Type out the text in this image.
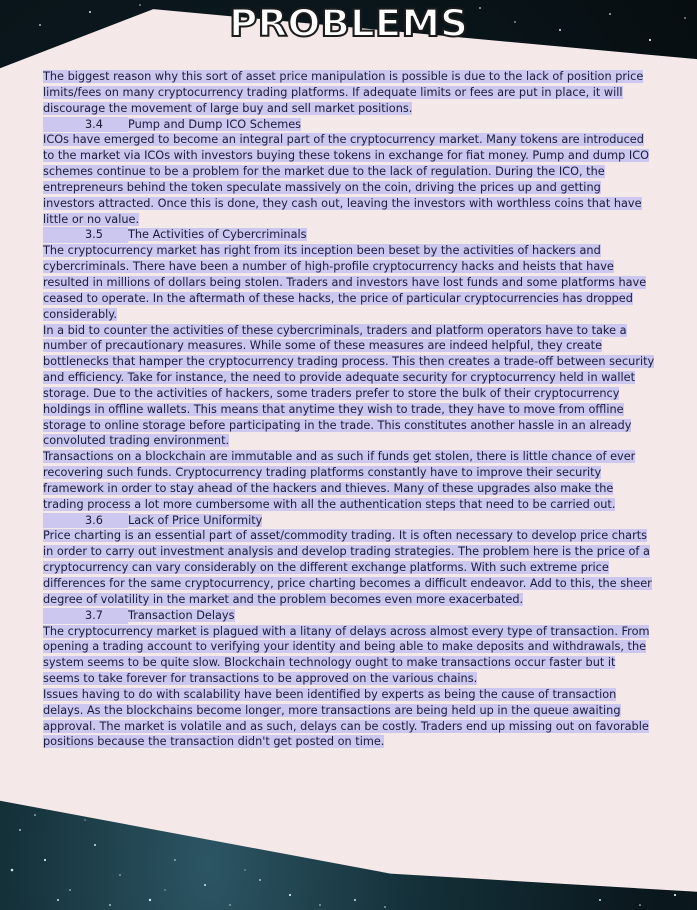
PROBLEMS

The biggest reason why this sort of asset price manipulation is possible is due to the lack of position price limits/fees on many cryptocurrency trading platforms. If adequate limits or fees are put in place, it will discourage the movement of large buy and sell market positions.

3.4 Pump and Dump ICO Schemes

ICOs have emerged to become an integral part of the cryptocurrency market. Many tokens are introduced to the market via ICOs with investors buying these tokens in exchange for fiat money. Pump and dump ICO schemes continue to be a problem for the market due to the lack of regulation. During the ICO, the entrepreneurs behind the token speculate massively on the coin, driving the prices up and getting investors attracted. Once this is done, they cash out, leaving the investors with worthless coins that have little or no value.

3.5 The Activities of Cybercriminals

The cryptocurrency market has right from its inception been beset by the activities of hackers and cybercriminals. There have been a number of high-profile cryptocurrency hacks and heists that have resulted in millions of dollars being stolen. Traders and investors have lost funds and some platforms have ceased to operate. In the aftermath of these hacks, the price of particular cryptocurrencies has dropped considerably.

In a bid to counter the activities of these cybercriminals, traders and platform operators have to take a number of precautionary measures. While some of these measures are indeed helpful, they create bottlenecks that hamper the cryptocurrency trading process. This then creates a trade-off between security and efficiency. Take for instance, the need to provide adequate security for cryptocurrency held in wallet storage. Due to the activities of hackers, some traders prefer to store the bulk of their cryptocurrency holdings in offline wallets. This means that anytime they wish to trade, they have to move from offline storage to online storage before participating in the trade. This constitutes another hassle in an already convoluted trading environment.

Transactions on a blockchain are immutable and as such if funds get stolen, there is little chance of ever recovering such funds. Cryptocurrency trading platforms constantly have to improve their security framework in order to stay ahead of the hackers and thieves. Many of these upgrades also make the trading process a lot more cumbersome with all the authentication steps that need to be carried out.

3.6 Lack of Price Uniformity

Price charting is an essential part of asset/commodity trading. It is often necessary to develop price charts in order to carry out investment analysis and develop trading strategies. The problem here is the price of a cryptocurrency can vary considerably on the different exchange platforms. With such extreme price differences for the same cryptocurrency, price charting becomes a difficult endeavor. Add to this, the sheer degree of volatility in the market and the problem becomes even more exacerbated.

3.7 Transaction Delays

The cryptocurrency market is plagued with a litany of delays across almost every type of transaction. From opening a trading account to verifying your identity and being able to make deposits and withdrawals, the system seems to be quite slow. Blockchain technology ought to make transactions occur faster but it seems to take forever for transactions to be approved on the various chains.

Issues having to do with scalability have been identified by experts as being the cause of transaction delays. As the blockchains become longer, more transactions are being held up in the queue awaiting approval. The market is volatile and as such, delays can be costly. Traders end up missing out on favorable positions because the transaction didn't get posted on time.
